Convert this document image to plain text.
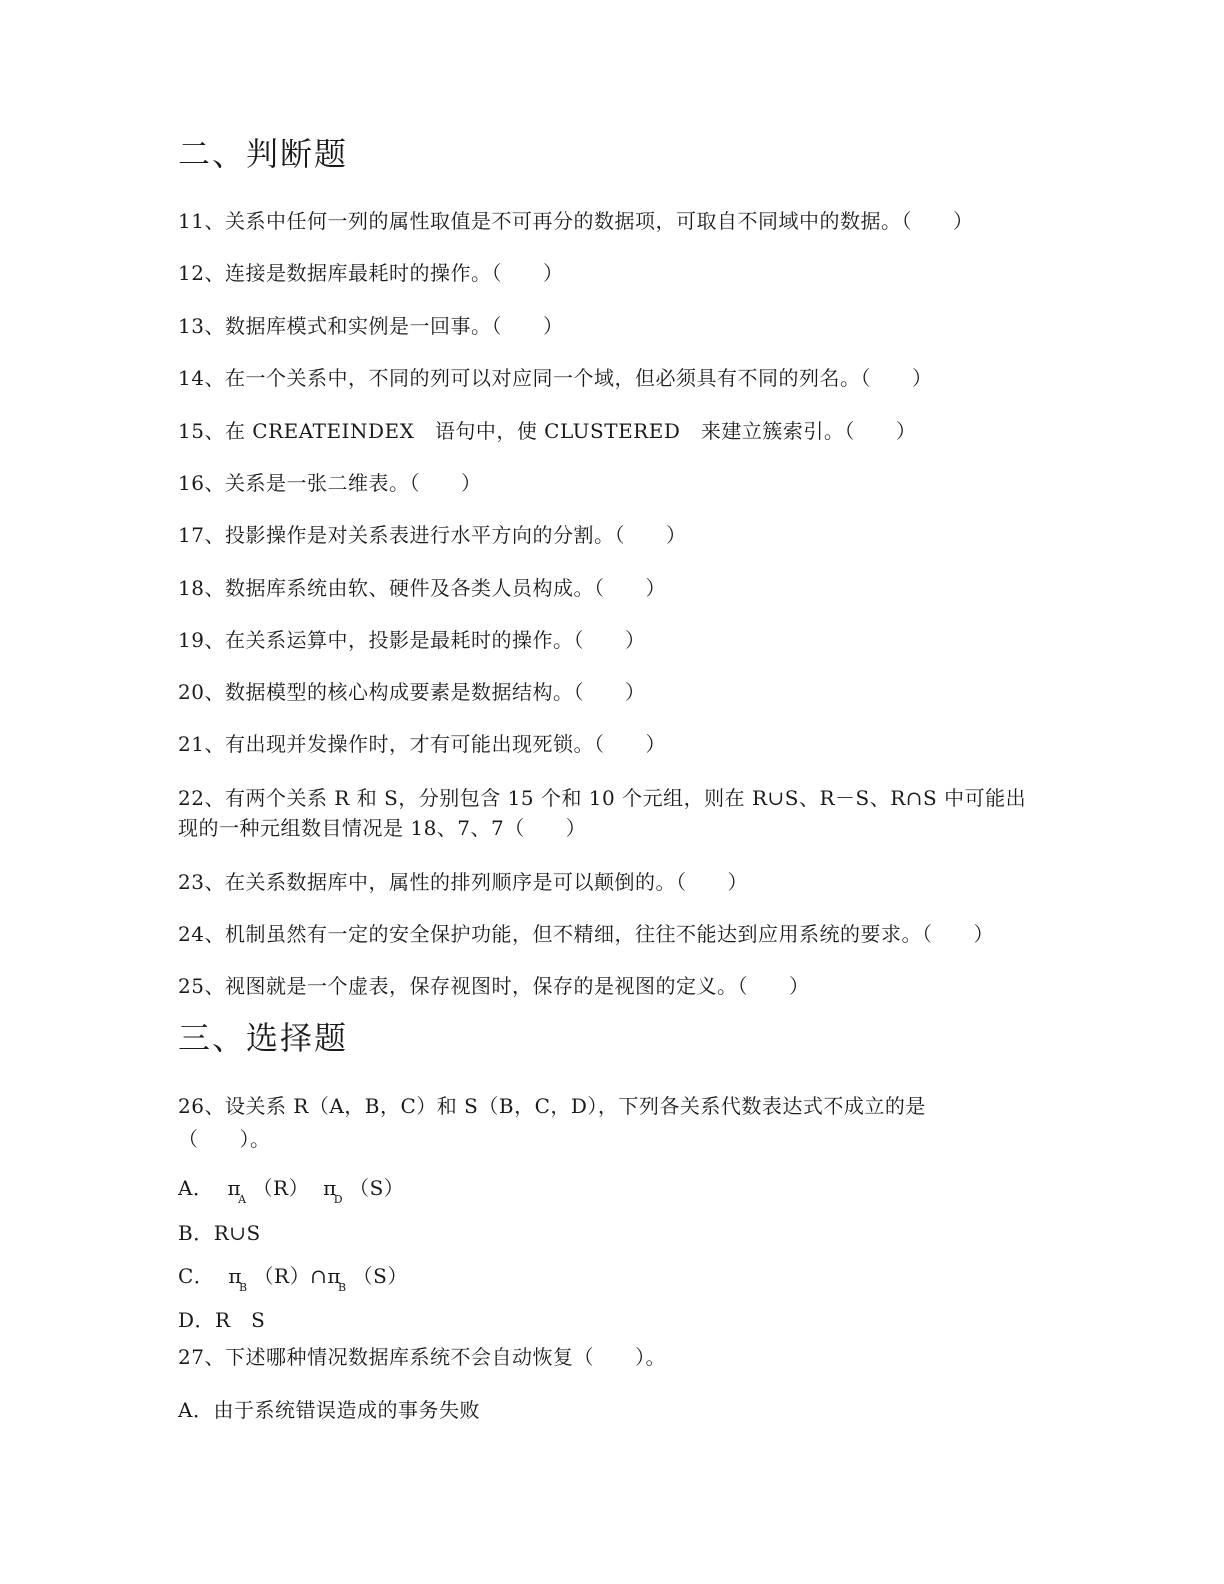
二、判断题
11、关系中任何一列的属性取值是不可再分的数据项，可取自不同域中的数据。（　　）
12、连接是数据库最耗时的操作。（　　）
13、数据库模式和实例是一回事。（　　）
14、在一个关系中，不同的列可以对应同一个域，但必须具有不同的列名。（　　）
15、在 CREATEINDEX　语句中，使 CLUSTERED　来建立簇索引。（　　）
16、关系是一张二维表。（　　）
17、投影操作是对关系表进行水平方向的分割。（　　）
18、数据库系统由软、硬件及各类人员构成。（　　）
19、在关系运算中，投影是最耗时的操作。（　　）
20、数据模型的核心构成要素是数据结构。（　　）
21、有出现并发操作时，才有可能出现死锁。（　　）
22、有两个关系 R 和 S，分别包含 15 个和 10 个元组，则在 R∪S、R－S、R∩S 中可能出
现的一种元组数目情况是 18、7、7（　　）
23、在关系数据库中，属性的排列顺序是可以颠倒的。（　　）
24、机制虽然有一定的安全保护功能，但不精细，往往不能达到应用系统的要求。（　　）
25、视图就是一个虚表，保存视图时，保存的是视图的定义。（　　）
三、选择题
26、设关系 R（A，B，C）和 S（B，C，D），下列各关系代数表达式不成立的是
（　　）。
A． $\pi_A$ （R） $\pi_D$ （S）
B．R∪S
C． $\pi_B$ $(R)\cap\pi_B$ （S）
D．R　S
27、下述哪种情况数据库系统不会自动恢复（　　）。
A．由于系统错误造成的事务失败
